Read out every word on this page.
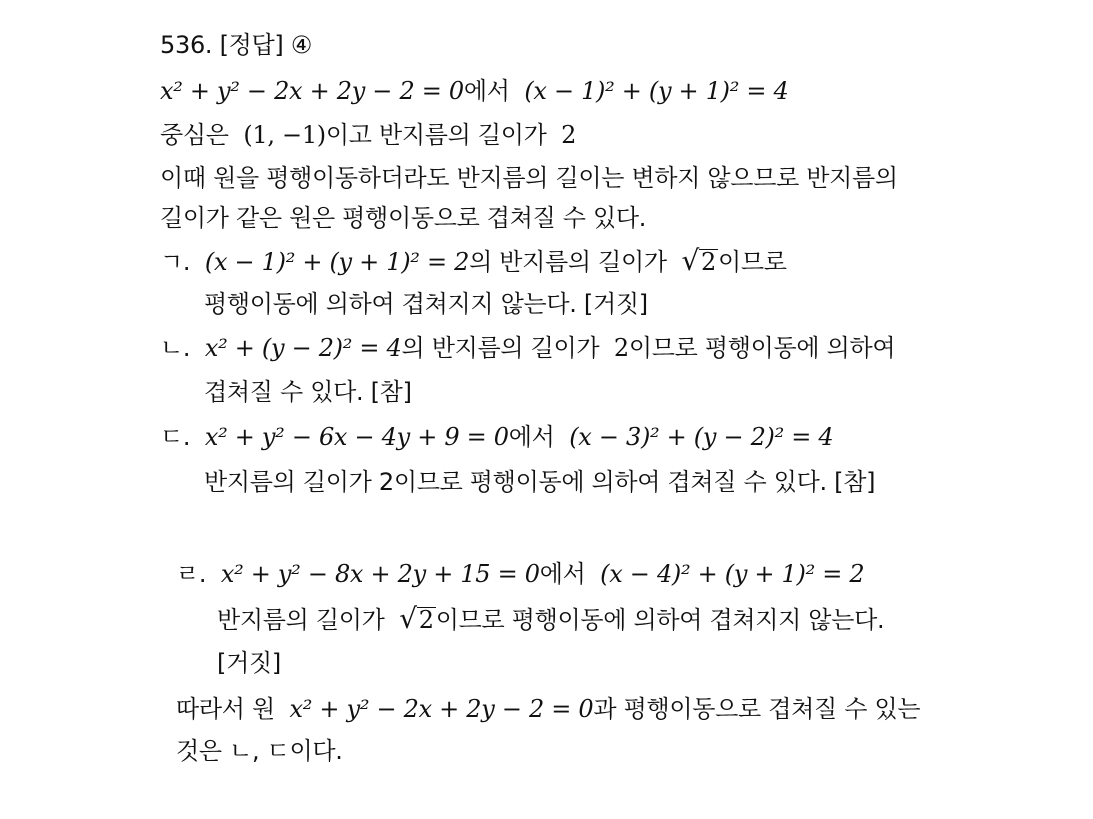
536. [정답] ④
x² + y² − 2x + 2y − 2 = 0에서 (x − 1)² + (y + 1)² = 4
중심은 (1, −1)이고 반지름의 길이가 2
이때 원을 평행이동하더라도 반지름의 길이는 변하지 않으므로 반지름의
길이가 같은 원은 평행이동으로 겹쳐질 수 있다.
ㄱ. (x − 1)² + (y + 1)² = 2의 반지름의 길이가 √2이므로
평행이동에 의하여 겹쳐지지 않는다. [거짓]
ㄴ. x² + (y − 2)² = 4의 반지름의 길이가 2이므로 평행이동에 의하여
겹쳐질 수 있다. [참]
ㄷ. x² + y² − 6x − 4y + 9 = 0에서 (x − 3)² + (y − 2)² = 4
반지름의 길이가 2이므로 평행이동에 의하여 겹쳐질 수 있다. [참]
ㄹ. x² + y² − 8x + 2y + 15 = 0에서 (x − 4)² + (y + 1)² = 2
반지름의 길이가 √2이므로 평행이동에 의하여 겹쳐지지 않는다.
[거짓]
따라서 원 x² + y² − 2x + 2y − 2 = 0과 평행이동으로 겹쳐질 수 있는
것은 ㄴ, ㄷ이다.
